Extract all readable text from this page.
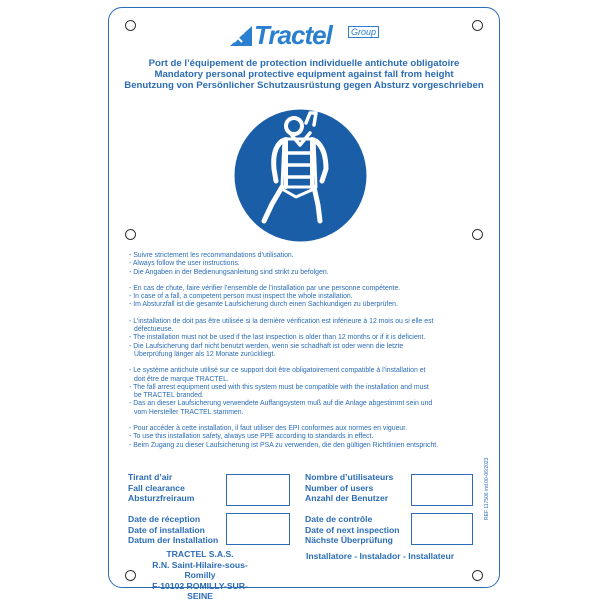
Tractel	Group
Port de l’équipement de protection individuelle antichute obligatoire
Mandatory personal protective equipment against fall from height
Benutzung von Persönlicher Schutzausrüstung gegen Absturz vorgeschrieben
- Suivre strictement les recommandations d’utilisation.
- Always follow the user instructions.
- Die Angaben in der Bedienungsanleitung sind strikt zu befolgen.
- En cas de chute, faire vérifier l’ensemble de l’installation par une personne compétente.
- In case of a fall, a competent person must inspect the whole installation.
- Im Absturzfall ist die gesamte Laufsicherung durch einen Sachkundigen zu überprüfen.
- L’installation de doit pas être utilisée si la dernière vérification est inférieure à 12 mois ou si elle est
défectueuse.
- The installation must not be used if the last inspection is older than 12 months or if it is deficient.
- Die Laufsicherung darf nicht benutzt werden, wenn sie schadhaft ist oder wenn die letzte
Überprüfung länger als 12 Monate zurückliegt.
- Le système antichute utilisé sur ce support doit être obligatoirement compatible à l’installation et
doit être de marque TRACTEL.
- The fall arrest equipment used with this system must be compatible with the installation and must
be TRACTEL branded.
- Das an dieser Laufsicherung verwendete Auffangsystem muß auf die Anlage abgestimmt sein und
vom Hersteller TRACTEL stammen.
- Pour accéder à cette installation, il faut utiliser des EPI conformes aux normes en vigueur.
- To use this installation safety, always use PPE according to standards in effect.
- Beim Zugang zu dieser Laufsicherung ist PSA zu verwenden, die den gültigen Richtlinien entspricht.
Tirant d’air
Fall clearance
Absturzfreiraum
Nombre d’utilisateurs
Number of users
Anzahl der Benutzer
Date de réception
Date of installation
Datum der Installation
Date de contrôle
Date of next inspection
Nächste Überprüfung
TRACTEL S.A.S.
R.N. Saint-Hilaire-sous-Romilly
F-10102 ROMILLY-SUR-SEINE
Installatore - Instalador - Installateur
REF 117506 ind.00-06/2023
